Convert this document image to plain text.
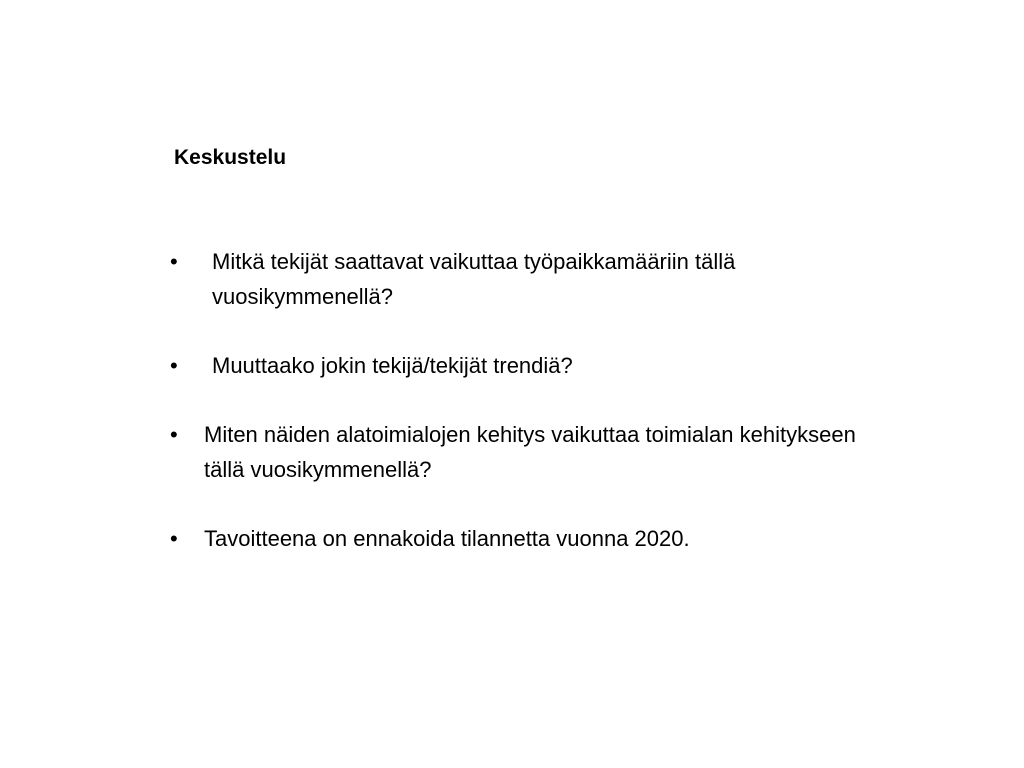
Keskustelu
•	Mitkä tekijät saattavat vaikuttaa työpaikkamääriin tällä vuosikymmenellä?
•	Muuttaako jokin tekijä/tekijät trendiä?
•	Miten näiden alatoimialojen kehitys vaikuttaa toimialan kehitykseen tällä vuosikymmenellä?
•	Tavoitteena on ennakoida tilannetta vuonna 2020.
